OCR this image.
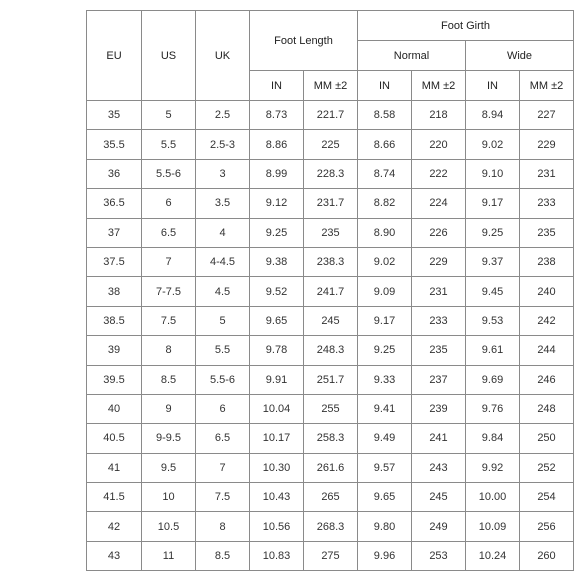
EU	US	UK	Foot Length		Foot Girth			
					Normal		Wide	
			IN	MM ±2	IN	MM ±2	IN	MM ±2
35	5	2.5	8.73	221.7	8.58	218	8.94	227
35.5	5.5	2.5-3	8.86	225	8.66	220	9.02	229
36	5.5-6	3	8.99	228.3	8.74	222	9.10	231
36.5	6	3.5	9.12	231.7	8.82	224	9.17	233
37	6.5	4	9.25	235	8.90	226	9.25	235
37.5	7	4-4.5	9.38	238.3	9.02	229	9.37	238
38	7-7.5	4.5	9.52	241.7	9.09	231	9.45	240
38.5	7.5	5	9.65	245	9.17	233	9.53	242
39	8	5.5	9.78	248.3	9.25	235	9.61	244
39.5	8.5	5.5-6	9.91	251.7	9.33	237	9.69	246
40	9	6	10.04	255	9.41	239	9.76	248
40.5	9-9.5	6.5	10.17	258.3	9.49	241	9.84	250
41	9.5	7	10.30	261.6	9.57	243	9.92	252
41.5	10	7.5	10.43	265	9.65	245	10.00	254
42	10.5	8	10.56	268.3	9.80	249	10.09	256
43	11	8.5	10.83	275	9.96	253	10.24	260
